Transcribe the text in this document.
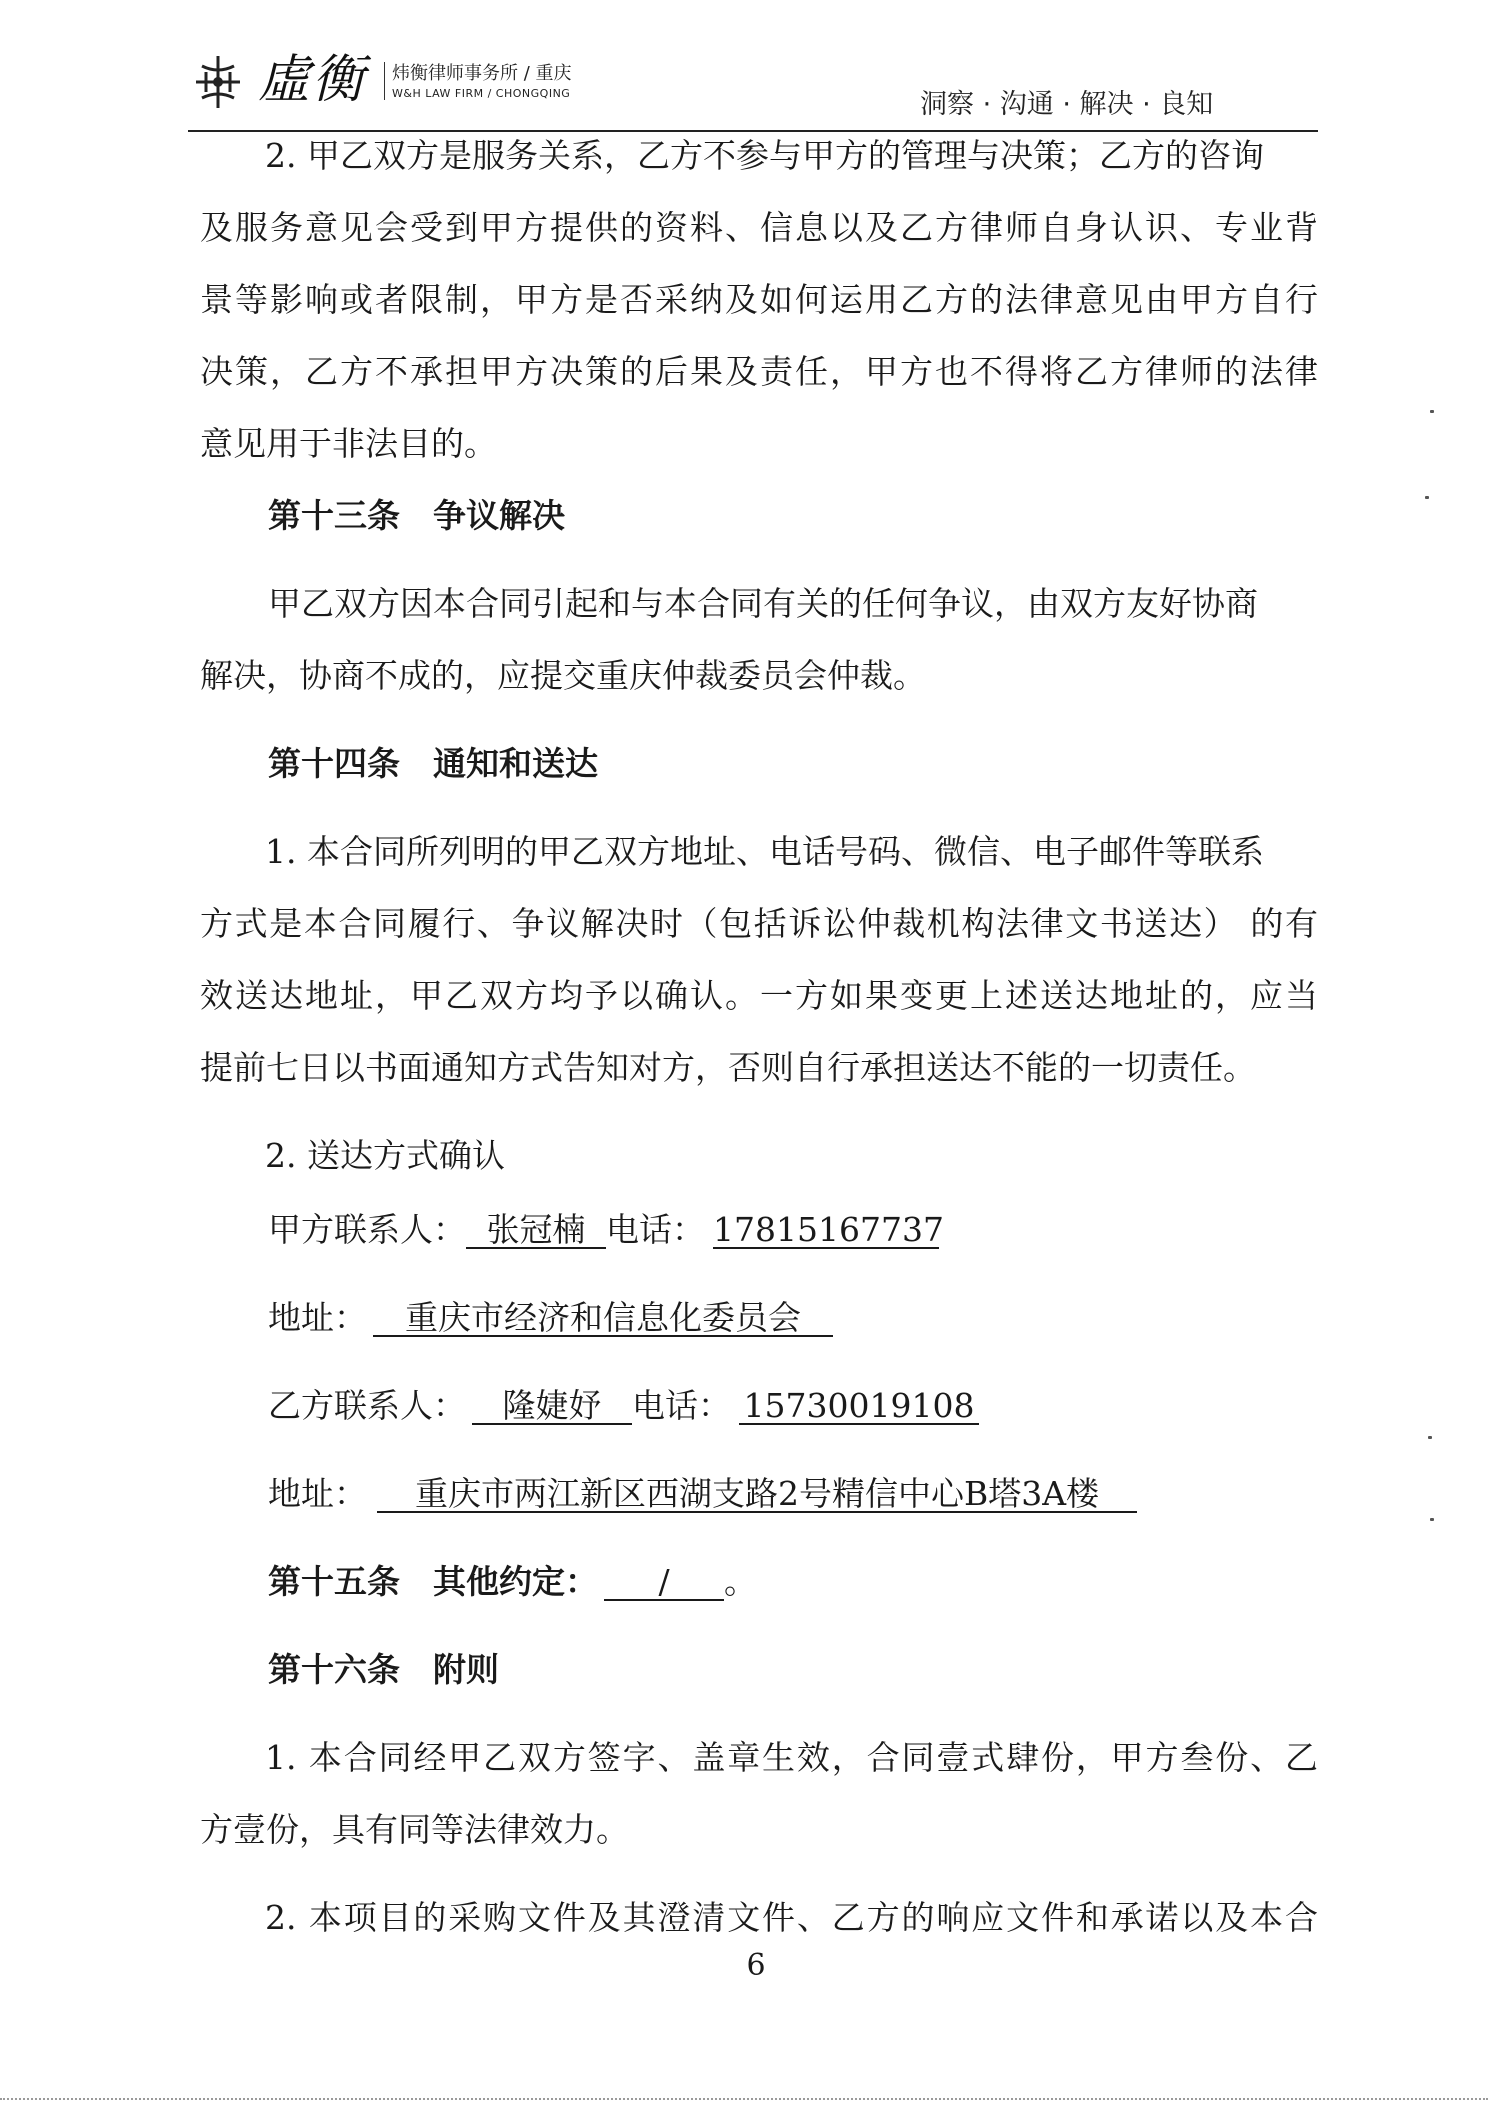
虛衡 炜衡律师事务所 / 重庆
W&H LAW FIRM / CHONGQING	洞察 · 沟通 · 解决 · 良知
2. 甲乙双方是服务关系，乙方不参与甲方的管理与决策；乙方的咨询
及服务意见会受到甲方提供的资料、信息以及乙方律师自身认识、专业背
景等影响或者限制，甲方是否采纳及如何运用乙方的法律意见由甲方自行
决策，乙方不承担甲方决策的后果及责任，甲方也不得将乙方律师的法律
意见用于非法目的。
第十三条　争议解决
甲乙双方因本合同引起和与本合同有关的任何争议，由双方友好协商
解决，协商不成的，应提交重庆仲裁委员会仲裁。
第十四条　通知和送达
1. 本合同所列明的甲乙双方地址、电话号码、微信、电子邮件等联系
方式是本合同履行、争议解决时（包括诉讼仲裁机构法律文书送达） 的有
效送达地址，甲乙双方均予以确认。一方如果变更上述送达地址的，应当
提前七日以书面通知方式告知对方，否则自行承担送达不能的一切责任。
2. 送达方式确认
甲方联系人： 张冠楠 电话： 17815167737
地址： 重庆市经济和信息化委员会
乙方联系人： 隆婕妤 电话： 15730019108
地址： 重庆市两江新区西湖支路2号精信中心B塔3A楼
第十五条　其他约定： / 。
第十六条　附则
1. 本合同经甲乙双方签字、盖章生效，合同壹式肆份，甲方叁份、乙
方壹份，具有同等法律效力。
2. 本项目的采购文件及其澄清文件、乙方的响应文件和承诺以及本合
6
